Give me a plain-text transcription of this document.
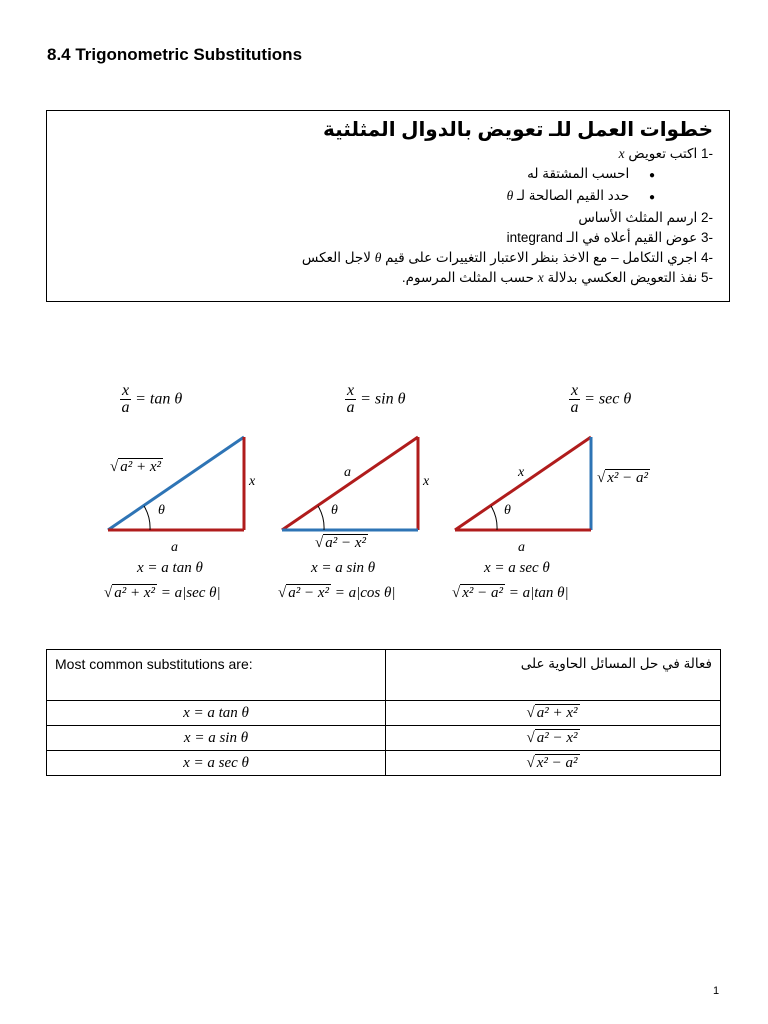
8.4 Trigonometric Substitutions
خطوات العمل للـ تعويض بالدوال المثلثية
-1 اكتب تعويض x
● احسب المشتقة له
● حدد القيم الصالحة لـ θ
-2 ارسم المثلث الأساس
-3 عوض القيم أعلاه في الـ integrand
-4 اجري التكامل – مع الاخذ بنظر الاعتبار التغييرات على قيم θ لاجل العكس
-5 نفذ التعويض العكسي بدلالة x حسب المثلث المرسوم.
$\frac{x}{a} = \tan \theta$	$\frac{x}{a} = \sin \theta$	$\frac{x}{a} = \sec \theta$
√ a² + x²
x
θ
a
a
x
θ
√ a² − x²
x	√ x² − a²
θ
a
x = a tan θ	x = a sin θ	x = a sec θ
√ a² + x² = a|sec θ|	√ a² − x² = a|cos θ|	√ x² − a² = a|tan θ|
Most common substitutions are:	فعالة في حل المسائل الحاوية على
x = a tan θ	√ a² + x²
x = a sin θ	√ a² − x²
x = a sec θ	√ x² − a²
1
